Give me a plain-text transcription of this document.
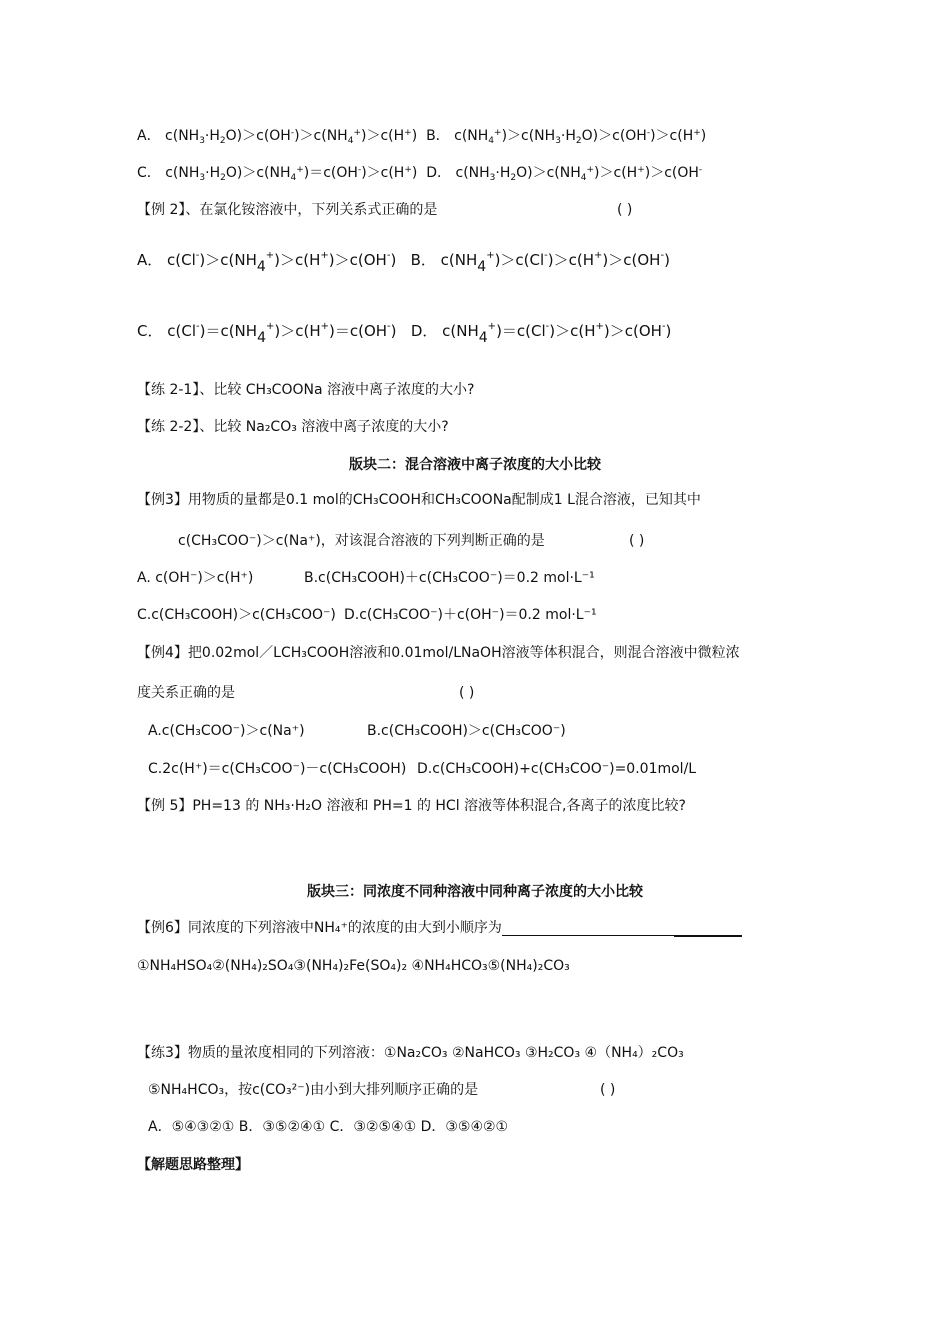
A． $c(NH_3\cdot H_2O)>c(OH^-)>c(NH_4^+)>c(H^+)$  B． $c(NH_4^+)>c(NH_3\cdot H_2O)>c(OH^-)>c(H^+)$
C． $c(NH_3\cdot H_2O)>c(NH_4^+)=c(OH^-)>c(H^+)$  D． $c(NH_3\cdot H_2O)>c(NH_4^+)>c(H^+)>c(OH^-$
【例 2】、在氯化铵溶液中，下列关系式正确的是	( )
A． c(Cl-)＞c(NH4+)＞c(H+)＞c(OH-)   B． c(NH4+)＞c(Cl-)＞c(H+)＞c(OH-)
C． c(Cl-)＝c(NH4+)＞c(H+)＝c(OH-)   D． c(NH4+)＝c(Cl-)＞c(H+)＞c(OH-)
【练 2-1】、比较 CH₃COONa 溶液中离子浓度的大小?
【练 2-2】、比较 Na₂CO₃ 溶液中离子浓度的大小?
版块二：混合溶液中离子浓度的大小比较
【例3】用物质的量都是0.1 mol的CH₃COOH和CH₃COONa配制成1 L混合溶液，已知其中
c(CH₃COO⁻)＞c(Na⁺)，对该混合溶液的下列判断正确的是	( )
A. c(OH⁻)＞c(H⁺)	B.c(CH₃COOH)＋c(CH₃COO⁻)＝0.2 mol·L⁻¹
C.c(CH₃COOH)＞c(CH₃COO⁻) D.c(CH₃COO⁻)＋c(OH⁻)＝0.2 mol·L⁻¹
【例4】把0.02mol／LCH₃COOH溶液和0.01mol/LNaOH溶液等体积混合，则混合溶液中微粒浓
度关系正确的是	( )
A.c(CH₃COO⁻)＞c(Na⁺)	B.c(CH₃COOH)＞c(CH₃COO⁻)
C.2c(H⁺)＝c(CH₃COO⁻)－c(CH₃COOH) D.c(CH₃COOH)+c(CH₃COO⁻)=0.01mol/L
【例 5】PH=13 的 NH₃·H₂O 溶液和 PH=1 的 HCl 溶液等体积混合,各离子的浓度比较?
版块三：同浓度不同种溶液中同种离子浓度的大小比较
【例6】同浓度的下列溶液中NH₄⁺的浓度的由大到小顺序为
①NH₄HSO₄②(NH₄)₂SO₄③(NH₄)₂Fe(SO₄)₂ ④NH₄HCO₃⑤(NH₄)₂CO₃
【练3】物质的量浓度相同的下列溶液：①Na₂CO₃ ②NaHCO₃ ③H₂CO₃ ④（NH₄）₂CO₃
⑤NH₄HCO₃，按c(CO₃²⁻)由小到大排列顺序正确的是	( )
A．⑤④③②① B．③⑤②④① C．③②⑤④① D．③⑤④②①
【解题思路整理】
